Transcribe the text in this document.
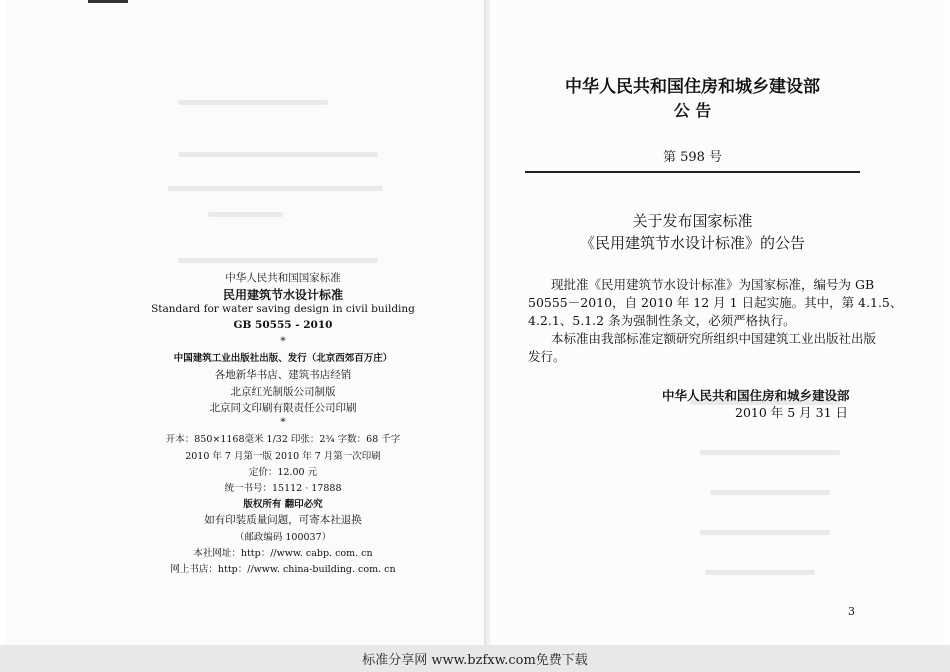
中华人民共和国国家标准
民用建筑节水设计标准
Standard for water saving design in civil building
GB 50555 - 2010
*
中国建筑工业出版社出版、发行（北京西郊百万庄）
各地新华书店、建筑书店经销
北京红光制版公司制版
北京同文印刷有限责任公司印刷
*
开本：850×1168毫米 1/32 印张：2¾ 字数：68 千字
2010 年 7 月第一版 2010 年 7 月第一次印刷
定价：12.00 元
统一书号：15112 · 17888
版权所有 翻印必究
如有印装质量问题，可寄本社退换
（邮政编码 100037）
本社网址：http：//www. cabp. com. cn
网上书店：http：//www. china-building. com. cn
中华人民共和国住房和城乡建设部
公 告
第 598 号
关于发布国家标准
《民用建筑节水设计标准》的公告
现批准《民用建筑节水设计标准》为国家标准，编号为 GB
50555－2010，自 2010 年 12 月 1 日起实施。其中，第 4.1.5、
4.2.1、5.1.2 条为强制性条文，必须严格执行。
本标准由我部标准定额研究所组织中国建筑工业出版社出版
发行。
中华人民共和国住房和城乡建设部
2010 年 5 月 31 日
3
标准分享网 www.bzfxw.com免费下载
